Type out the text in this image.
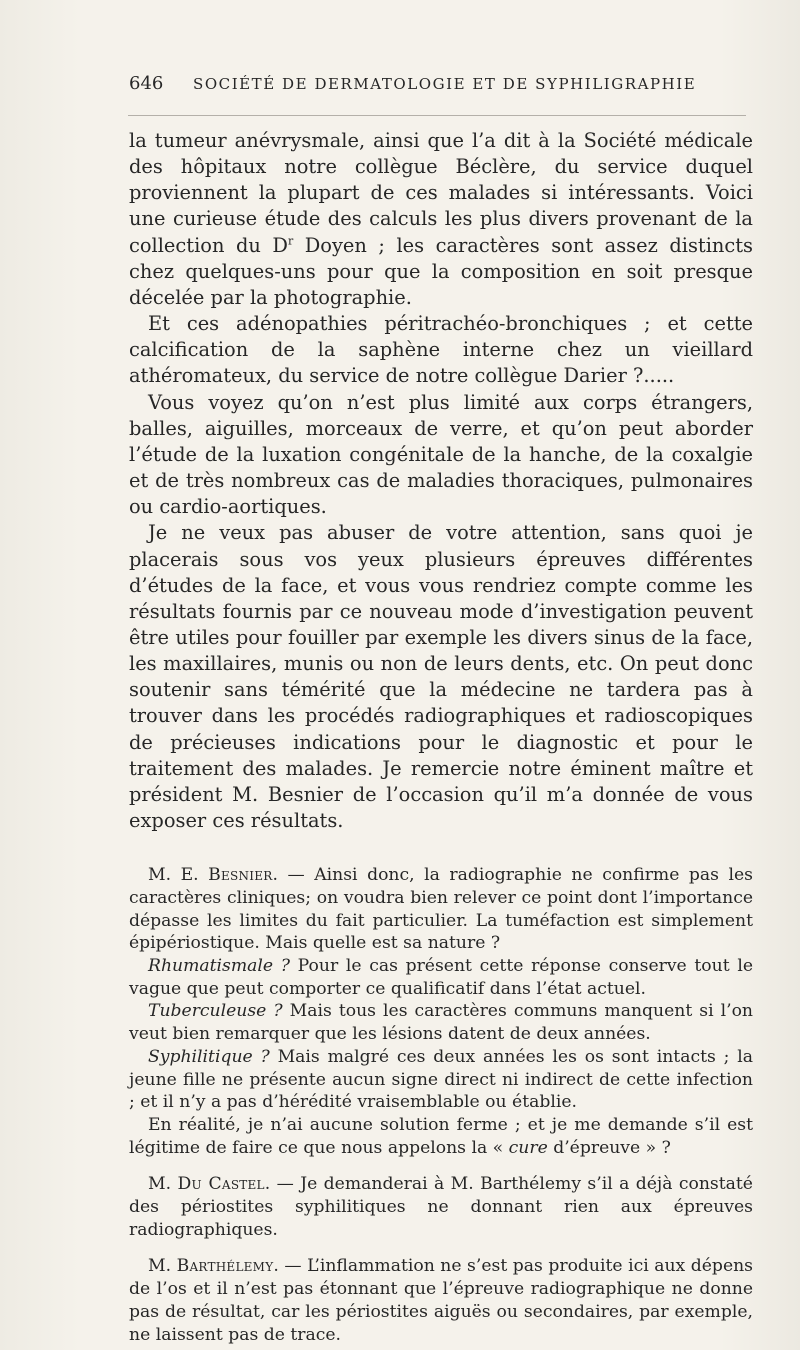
646	SOCIÉTÉ DE DERMATOLOGIE ET DE SYPHILIGRAPHIE

la tumeur anévrysmale, ainsi que l’a dit à la Société médicale des hôpitaux notre collègue Béclère, du service duquel proviennent la plupart de ces malades si intéressants. Voici une curieuse étude des calculs les plus divers provenant de la collection du $D^r$ Doyen ; les caractères sont assez distincts chez quelques-uns pour que la composition en soit presque décelée par la photographie.

Et ces adénopathies péritrachéo-bronchiques ; et cette calcification de la saphène interne chez un vieillard athéromateux, du service de notre collègue Darier ?.....

Vous voyez qu’on n’est plus limité aux corps étrangers, balles, aiguilles, morceaux de verre, et qu’on peut aborder l’étude de la luxation congénitale de la hanche, de la coxalgie et de très nombreux cas de maladies thoraciques, pulmonaires ou cardio-aortiques.

Je ne veux pas abuser de votre attention, sans quoi je placerais sous vos yeux plusieurs épreuves différentes d’études de la face, et vous vous rendriez compte comme les résultats fournis par ce nouveau mode d’investigation peuvent être utiles pour fouiller par exemple les divers sinus de la face, les maxillaires, munis ou non de leurs dents, etc. On peut donc soutenir sans témérité que la médecine ne tardera pas à trouver dans les procédés radiographiques et radioscopiques de précieuses indications pour le diagnostic et pour le traitement des malades. Je remercie notre éminent maître et président M. Besnier de l’occasion qu’il m’a donnée de vous exposer ces résultats.

M. E. Besnier. — Ainsi donc, la radiographie ne confirme pas les caractères cliniques; on voudra bien relever ce point dont l’importance dépasse les limites du fait particulier. La tuméfaction est simplement épipériostique. Mais quelle est sa nature ?

Rhumatismale ? Pour le cas présent cette réponse conserve tout le vague que peut comporter ce qualificatif dans l’état actuel.

Tuberculeuse ? Mais tous les caractères communs manquent si l’on veut bien remarquer que les lésions datent de deux années.

Syphilitique ? Mais malgré ces deux années les os sont intacts ; la jeune fille ne présente aucun signe direct ni indirect de cette infection ; et il n’y a pas d’hérédité vraisemblable ou établie.

En réalité, je n’ai aucune solution ferme ; et je me demande s’il est légitime de faire ce que nous appelons la « cure d’épreuve » ?

M. Du Castel. — Je demanderai à M. Barthélemy s’il a déjà constaté des périostites syphilitiques ne donnant rien aux épreuves radiographiques.

M. Barthélemy. — L’inflammation ne s’est pas produite ici aux dépens de l’os et il n’est pas étonnant que l’épreuve radiographique ne donne pas de résultat, car les périostites aiguës ou secondaires, par exemple, ne laissent pas de trace.
